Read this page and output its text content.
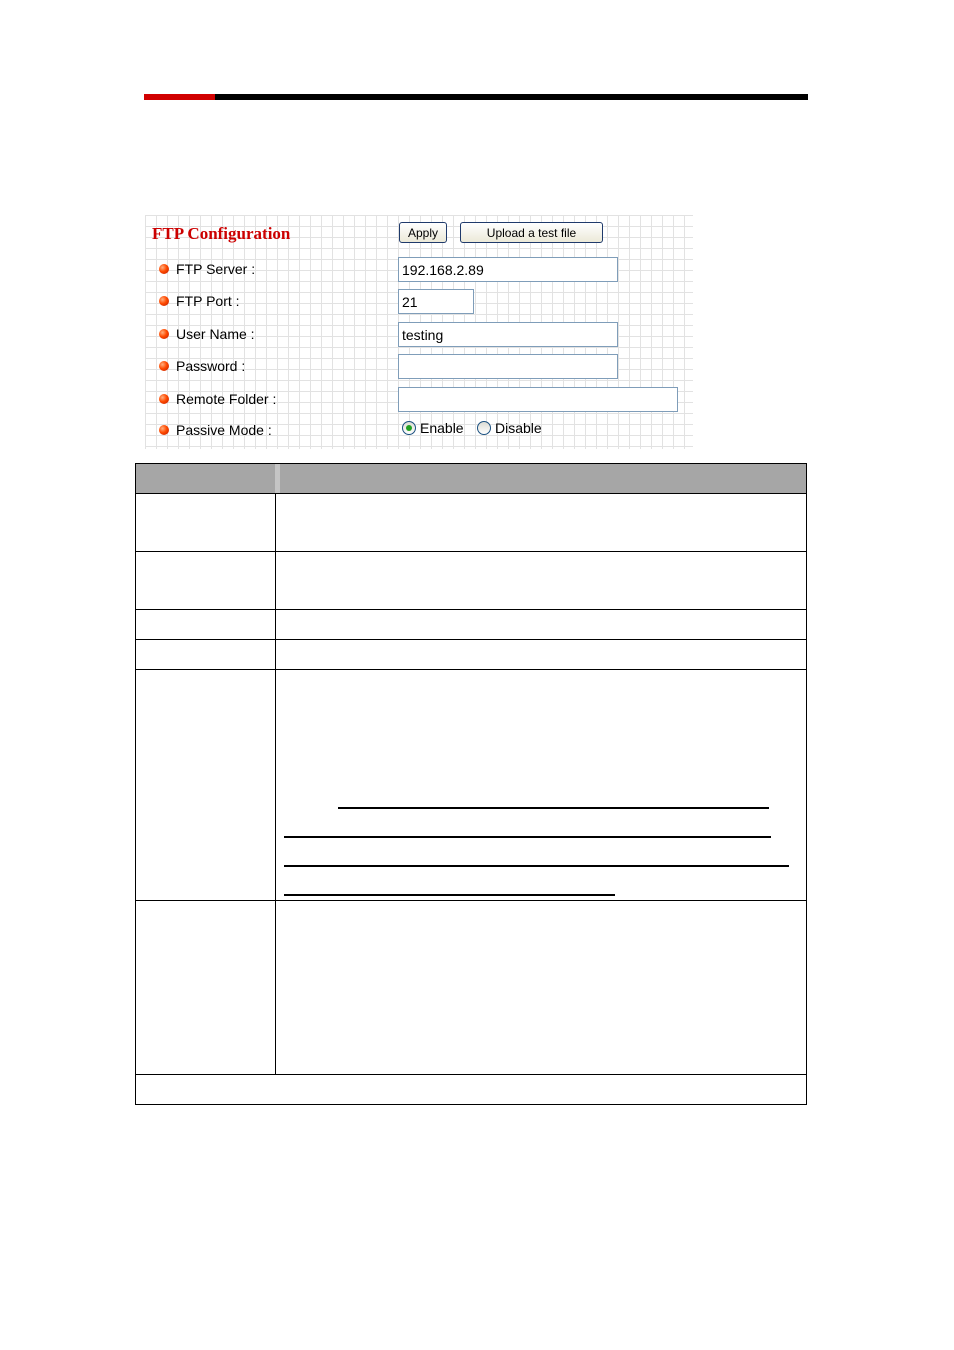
FTP Configuration	Apply	Upload a test file
FTP Server :
192.168.2.89
FTP Port :
21
User Name :
testing
Password :
Remote Folder :
Passive Mode :	Enable Disable
